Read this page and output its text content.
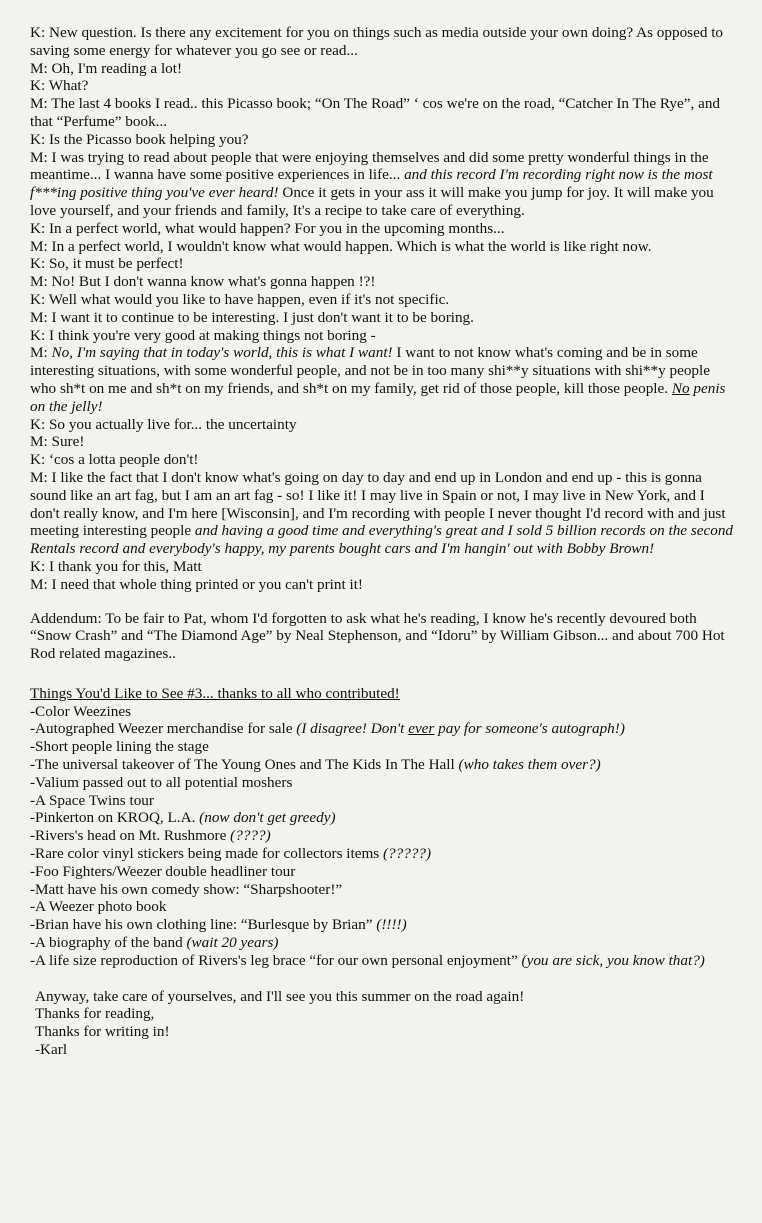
K: New question. Is there any excitement for you on things such as media outside your own doing? As opposed to saving some energy for whatever you go see or read...

M: Oh, I'm reading a lot!

K: What?

M: The last 4 books I read.. this Picasso book; “On The Road” ‘ cos we're on the road, “Catcher In The Rye”, and that “Perfume” book...

K: Is the Picasso book helping you?

M: I was trying to read about people that were enjoying themselves and did some pretty wonderful things in the meantime... I wanna have some positive experiences in life... and this record I'm recording right now is the most f***ing positive thing you've ever heard! Once it gets in your ass it will make you jump for joy. It will make you love yourself, and your friends and family, It's a recipe to take care of everything.

K: In a perfect world, what would happen? For you in the upcoming months...

M: In a perfect world, I wouldn't know what would happen. Which is what the world is like right now.

K: So, it must be perfect!

M: No! But I don't wanna know what's gonna happen !?!

K: Well what would you like to have happen, even if it's not specific.

M: I want it to continue to be interesting. I just don't want it to be boring.

K: I think you're very good at making things not boring -

M: No, I'm saying that in today's world, this is what I want! I want to not know what's coming and be in some interesting situations, with some wonderful people, and not be in too many shi**y situations with shi**y people who sh*t on me and sh*t on my friends, and sh*t on my family, get rid of those people, kill those people. No penis on the jelly!

K: So you actually live for... the uncertainty

M: Sure!

K: ‘cos a lotta people don't!

M: I like the fact that I don't know what's going on day to day and end up in London and end up - this is gonna sound like an art fag, but I am an art fag - so! I like it! I may live in Spain or not, I may live in New York, and I don't really know, and I'm here [Wisconsin], and I'm recording with people I never thought I'd record with and just meeting interesting people and having a good time and everything's great and I sold 5 billion records on the second Rentals record and everybody's happy, my parents bought cars and I'm hangin' out with Bobby Brown!

K: I thank you for this, Matt

M: I need that whole thing printed or you can't print it!

Addendum: To be fair to Pat, whom I'd forgotten to ask what he's reading, I know he's recently devoured both “Snow Crash” and “The Diamond Age” by Neal Stephenson, and “Idoru” by William Gibson... and about 700 Hot Rod related magazines..

Things You'd Like to See #3... thanks to all who contributed!

-Color Weezines

-Autographed Weezer merchandise for sale (I disagree! Don't ever pay for someone's autograph!)

-Short people lining the stage

-The universal takeover of The Young Ones and The Kids In The Hall (who takes them over?)

-Valium passed out to all potential moshers

-A Space Twins tour

-Pinkerton on KROQ, L.A. (now don't get greedy)

-Rivers's head on Mt. Rushmore (????)

-Rare color vinyl stickers being made for collectors items (?????)

-Foo Fighters/Weezer double headliner tour

-Matt have his own comedy show: “Sharpshooter!”

-A Weezer photo book

-Brian have his own clothing line: “Burlesque by Brian” (!!!!)

-A biography of the band (wait 20 years)

-A life size reproduction of Rivers's leg brace “for our own personal enjoyment” (you are sick, you know that?)

Anyway, take care of yourselves, and I'll see you this summer on the road again!

Thanks for reading,

Thanks for writing in!

-Karl
